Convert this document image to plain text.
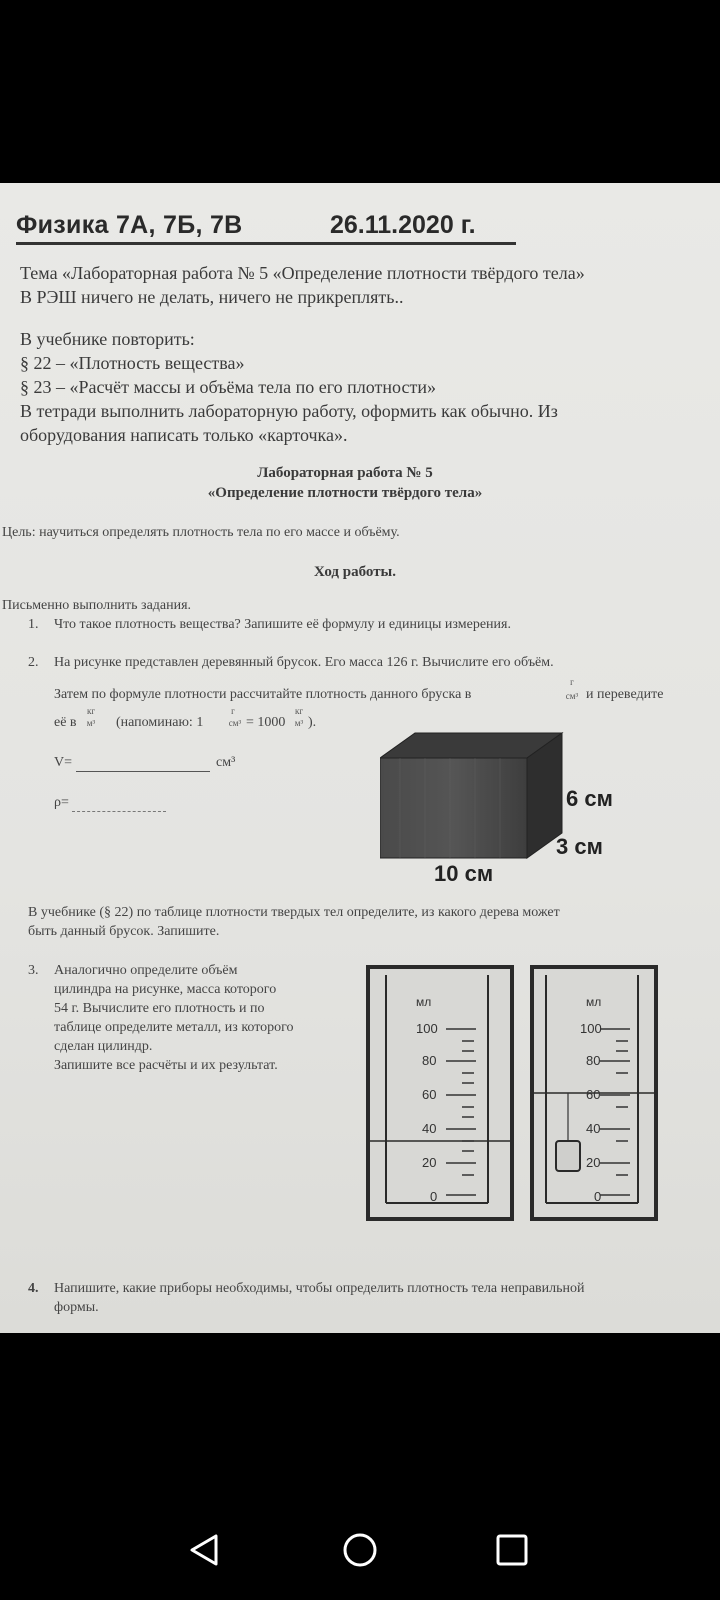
Физика 7А, 7Б, 7В	26.11.2020 г.
Тема «Лабораторная работа № 5 «Определение плотности твёрдого тела»
В РЭШ ничего не делать, ничего не прикреплять..
В учебнике повторить:
§ 22 – «Плотность вещества»
§ 23 – «Расчёт массы и объёма тела по его плотности»
В тетради выполнить лабораторную работу, оформить как обычно. Из
оборудования написать только «карточка».
Лабораторная работа № 5
«Определение плотности твёрдого тела»
Цель: научиться определять плотность тела по его массе и объёму.
Ход работы.
Письменно выполнить задания.
1. Что такое плотность вещества? Запишите её формулу и единицы измерения.
2. На рисунке представлен деревянный брусок. Его масса 126 г. Вычислите его объём.
Затем по формуле плотности рассчитайте плотность данного бруска в
г
см³ и переведите
её в
кг
м³ (напоминаю: 1
г
см³ = 1000
кг
м³ ).
V=	см³
ρ=	6 см
3 см
10 см
В учебнике (§ 22) по таблице плотности твердых тел определите, из какого дерева может
быть данный брусок. Запишите.
3. Аналогично определите объём
цилиндра на рисунке, масса которого
54 г. Вычислите его плотность и по
таблице определите металл, из которого
сделан цилиндр.
Запишите все расчёты и их результат.
мл
100
80
60
40
20
0
мл
100
80
60
40
20
0
4. Напишите, какие приборы необходимы, чтобы определить плотность тела неправильной
формы.
